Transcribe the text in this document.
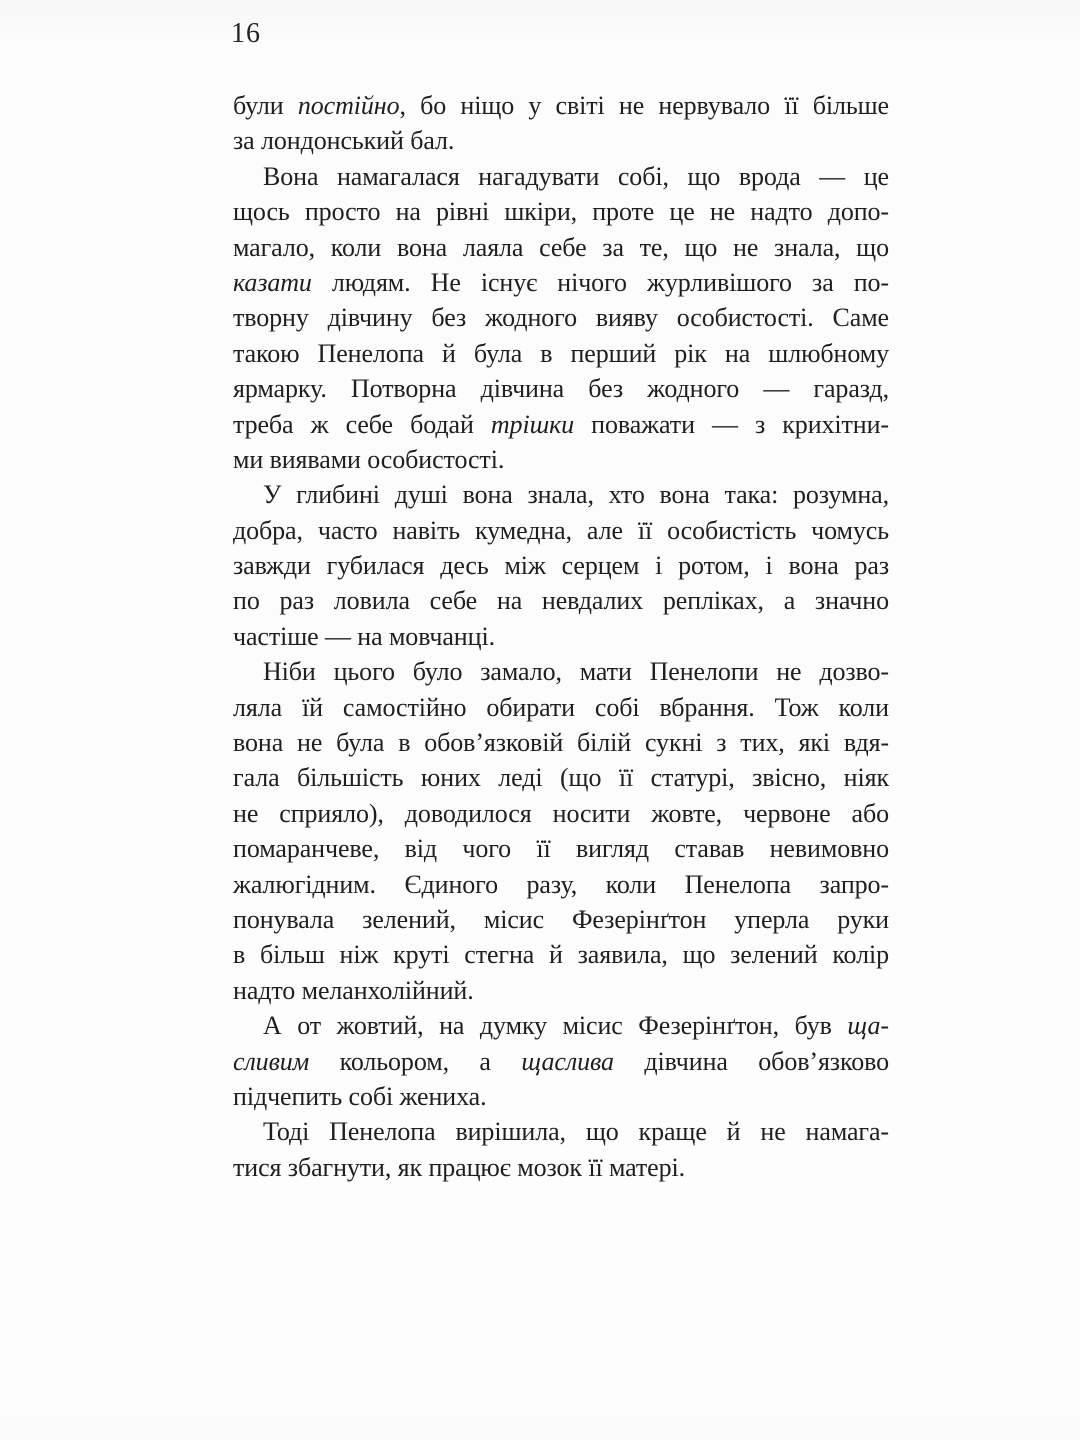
16
були постійно, бо ніщо у світі не нервувало її більше
за лондонський бал.
Вона намагалася нагадувати собі, що врода — це
щось просто на рівні шкіри, проте це не надто допо-
магало, коли вона лаяла себе за те, що не знала, що
казати людям. Не існує нічого журливішого за по-
творну дівчину без жодного вияву особистості. Саме
такою Пенелопа й була в перший рік на шлюбному
ярмарку. Потворна дівчина без жодного — гаразд,
треба ж себе бодай трішки поважати — з крихітни-
ми виявами особистості.
У глибині душі вона знала, хто вона така: розумна,
добра, часто навіть кумедна, але її особистість чомусь
завжди губилася десь між серцем і ротом, і вона раз
по раз ловила себе на невдалих репліках, а значно
частіше — на мовчанці.
Ніби цього було замало, мати Пенелопи не дозво-
ляла їй самостійно обирати собі вбрання. Тож коли
вона не була в обов’язковій білій сукні з тих, які вдя-
гала більшість юних леді (що її статурі, звісно, ніяк
не сприяло), доводилося носити жовте, червоне або
помаранчеве, від чого її вигляд ставав невимовно
жалюгідним. Єдиного разу, коли Пенелопа запро-
понувала зелений, місис Фезерінґтон уперла руки
в більш ніж круті стегна й заявила, що зелений колір
надто меланхолійний.
А от жовтий, на думку місис Фезерінґтон, був ща-
сливим кольором, а щаслива дівчина обов’язково
підчепить собі жениха.
Тоді Пенелопа вирішила, що краще й не намага-
тися збагнути, як працює мозок її матері.
